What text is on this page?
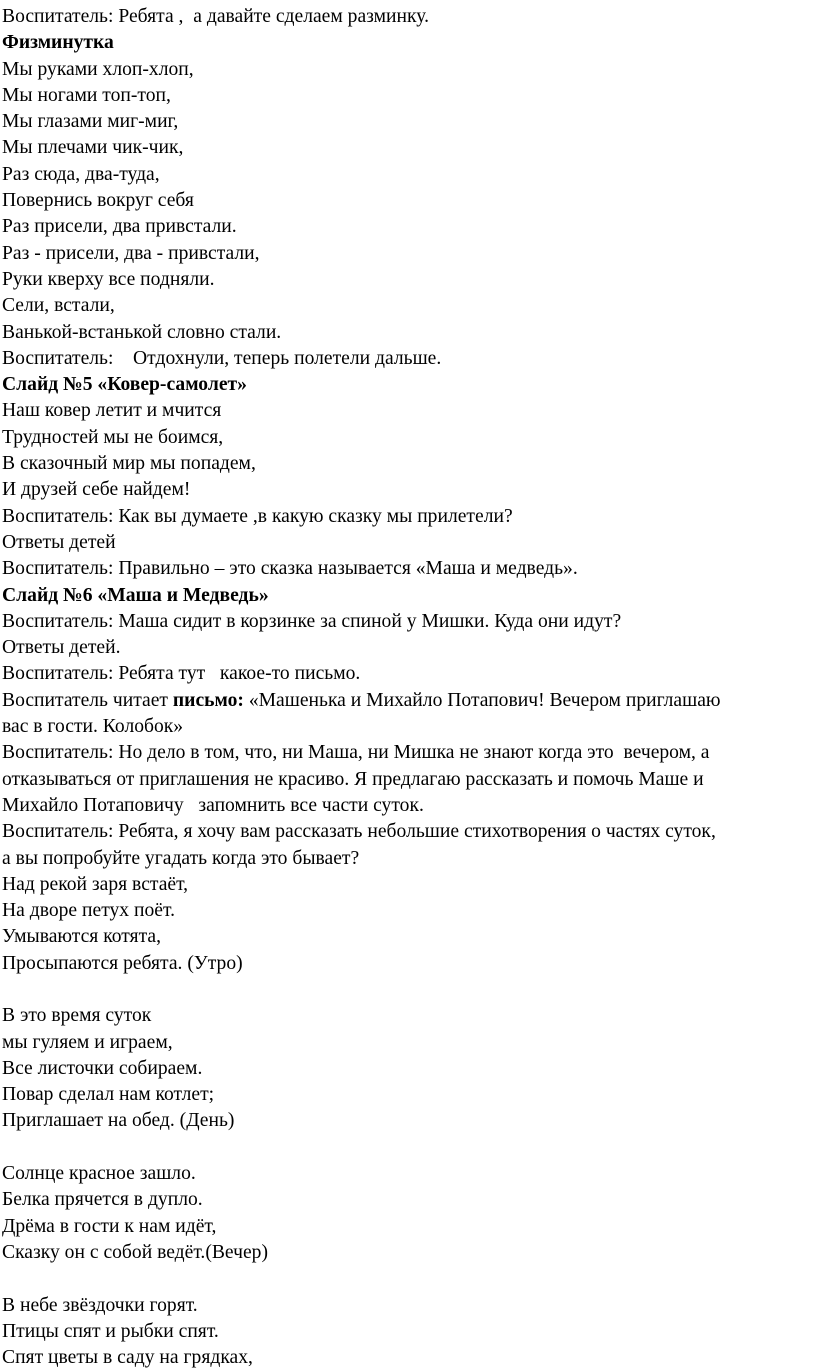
Воспитатель: Ребята ,  а давайте сделаем разминку.
Физминутка
Мы руками хлоп-хлоп,
Мы ногами топ-топ,
Мы глазами миг-миг,
Мы плечами чик-чик,
Раз сюда, два-туда,
Повернись вокруг себя
Раз присели, два привстали.
Раз - присели, два - привстали,
Руки кверху все подняли.
Сели, встали,
Ванькой-встанькой словно стали.
Воспитатель:    Отдохнули, теперь полетели дальше.
Слайд №5 «Ковер-самолет»
Наш ковер летит и мчится
Трудностей мы не боимся,
В сказочный мир мы попадем,
И друзей себе найдем!
Воспитатель: Как вы думаете ,в какую сказку мы прилетели?
Ответы детей
Воспитатель: Правильно – это сказка называется «Маша и медведь».
Слайд №6 «Маша и Медведь»
Воспитатель: Маша сидит в корзинке за спиной у Мишки. Куда они идут?
Ответы детей.
Воспитатель: Ребята тут   какое-то письмо.
Воспитатель читает письмо: «Машенька и Михайло Потапович! Вечером приглашаю
вас в гости. Колобок»
Воспитатель: Но дело в том, что, ни Маша, ни Мишка не знают когда это  вечером, а
отказываться от приглашения не красиво. Я предлагаю рассказать и помочь Маше и
Михайло Потаповичу   запомнить все части суток.
Воспитатель: Ребята, я хочу вам рассказать небольшие стихотворения о частях суток,
а вы попробуйте угадать когда это бывает?
Над рекой заря встаёт,
На дворе петух поёт.
Умываются котята,
Просыпаются ребята. (Утро)
В это время суток
мы гуляем и играем,
Все листочки собираем.
Повар сделал нам котлет;
Приглашает на обед. (День)
Солнце красное зашло.
Белка прячется в дупло.
Дрёма в гости к нам идёт,
Сказку он с собой ведёт.(Вечер)
В небе звёздочки горят.
Птицы спят и рыбки спят.
Спят цветы в саду на грядках,
